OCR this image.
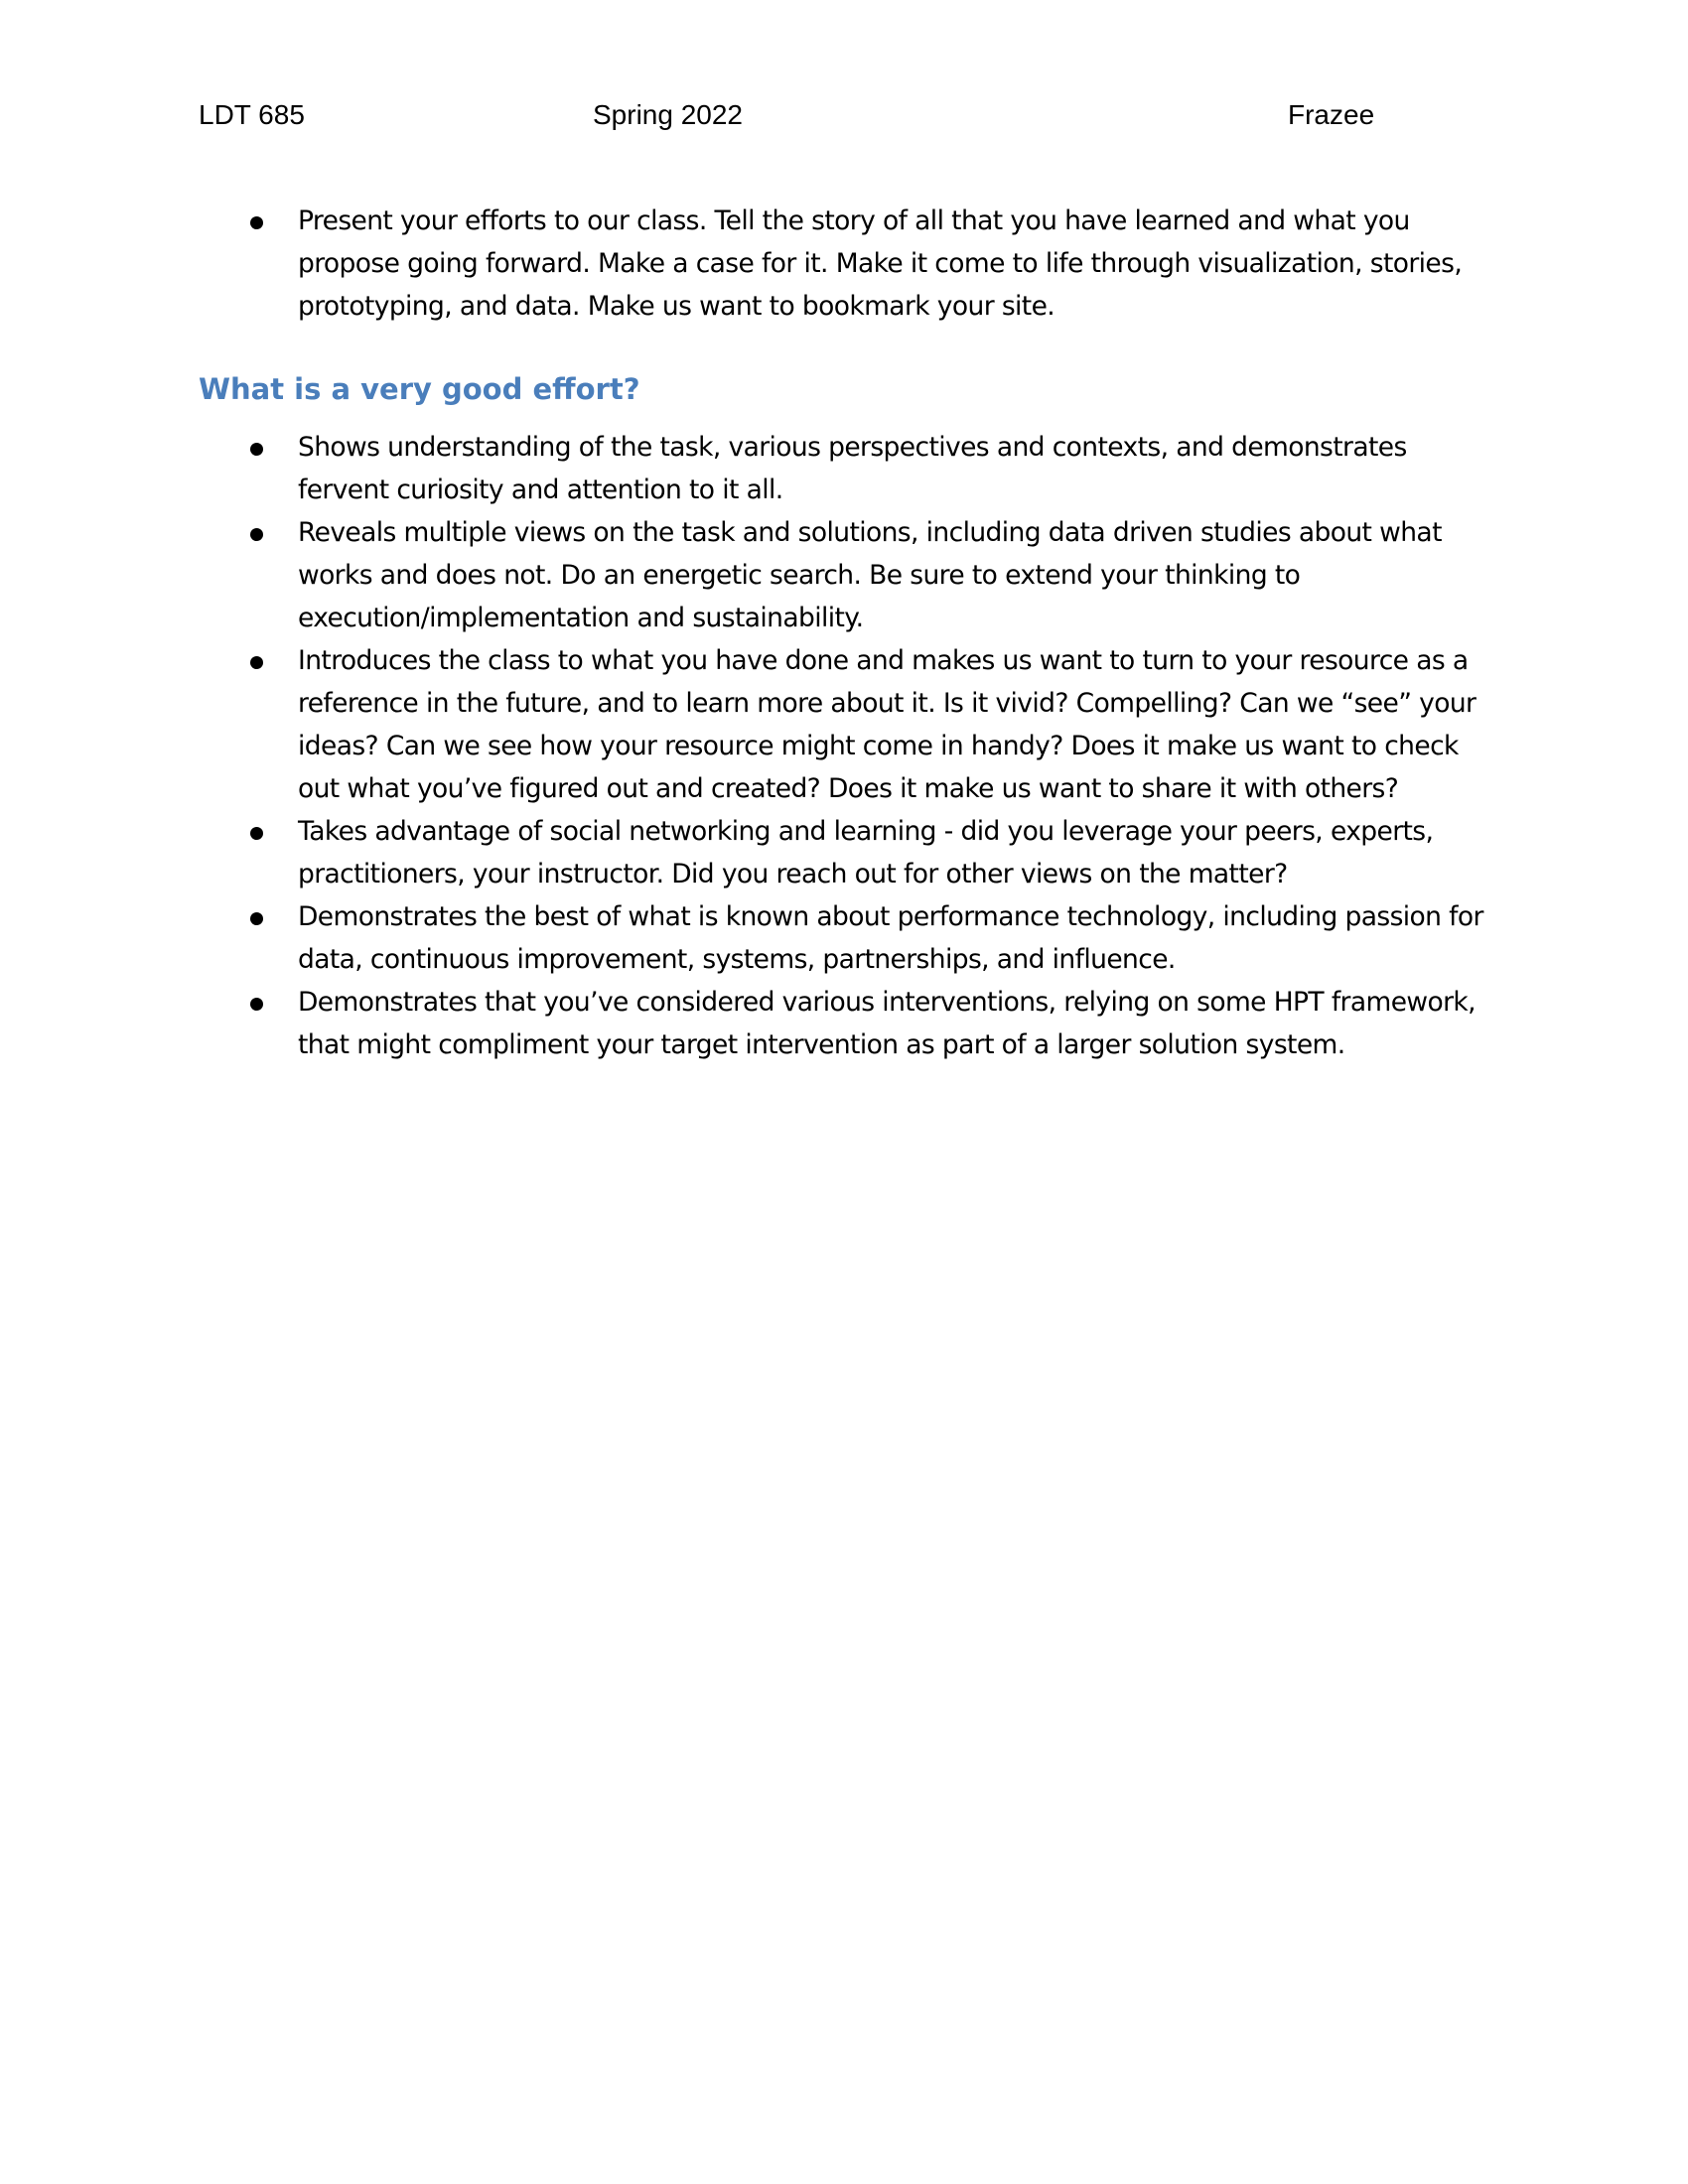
LDT 685	Spring 2022	Frazee
Present your efforts to our class. Tell the story of all that you have learned and what you propose going forward. Make a case for it. Make it come to life through visualization, stories, prototyping, and data. Make us want to bookmark your site.
What is a very good effort?
Shows understanding of the task, various perspectives and contexts, and demonstrates fervent curiosity and attention to it all.
Reveals multiple views on the task and solutions, including data driven studies about what works and does not. Do an energetic search. Be sure to extend your thinking to execution/implementation and sustainability.
Introduces the class to what you have done and makes us want to turn to your resource as a reference in the future, and to learn more about it. Is it vivid? Compelling? Can we “see” your ideas? Can we see how your resource might come in handy? Does it make us want to check out what you’ve figured out and created? Does it make us want to share it with others?
Takes advantage of social networking and learning - did you leverage your peers, experts, practitioners, your instructor. Did you reach out for other views on the matter?
Demonstrates the best of what is known about performance technology, including passion for data, continuous improvement, systems, partnerships, and influence.
Demonstrates that you’ve considered various interventions, relying on some HPT framework, that might compliment your target intervention as part of a larger solution system.
